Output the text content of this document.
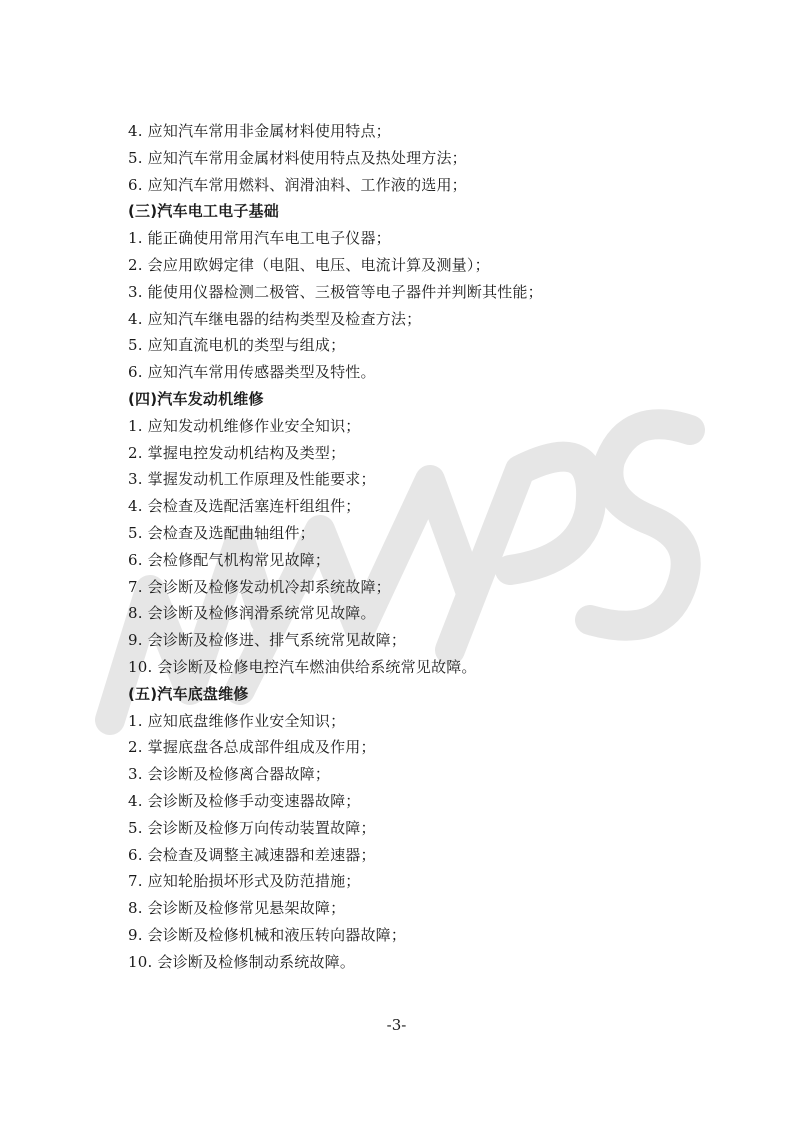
4. 应知汽车常用非金属材料使用特点；
5. 应知汽车常用金属材料使用特点及热处理方法；
6. 应知汽车常用燃料、润滑油料、工作液的选用；
(三)汽车电工电子基础
1. 能正确使用常用汽车电工电子仪器；
2. 会应用欧姆定律（电阻、电压、电流计算及测量）；
3. 能使用仪器检测二极管、三极管等电子器件并判断其性能；
4. 应知汽车继电器的结构类型及检查方法；
5. 应知直流电机的类型与组成；
6. 应知汽车常用传感器类型及特性。
(四)汽车发动机维修
1. 应知发动机维修作业安全知识；
2. 掌握电控发动机结构及类型；
3. 掌握发动机工作原理及性能要求；
4. 会检查及选配活塞连杆组组件；
5. 会检查及选配曲轴组件；
6. 会检修配气机构常见故障；
7. 会诊断及检修发动机冷却系统故障；
8. 会诊断及检修润滑系统常见故障。
9. 会诊断及检修进、排气系统常见故障；
10. 会诊断及检修电控汽车燃油供给系统常见故障。
(五)汽车底盘维修
1. 应知底盘维修作业安全知识；
2. 掌握底盘各总成部件组成及作用；
3. 会诊断及检修离合器故障；
4. 会诊断及检修手动变速器故障；
5. 会诊断及检修万向传动装置故障；
6. 会检查及调整主减速器和差速器；
7. 应知轮胎损坏形式及防范措施；
8. 会诊断及检修常见悬架故障；
9. 会诊断及检修机械和液压转向器故障；
10. 会诊断及检修制动系统故障。
-3-
